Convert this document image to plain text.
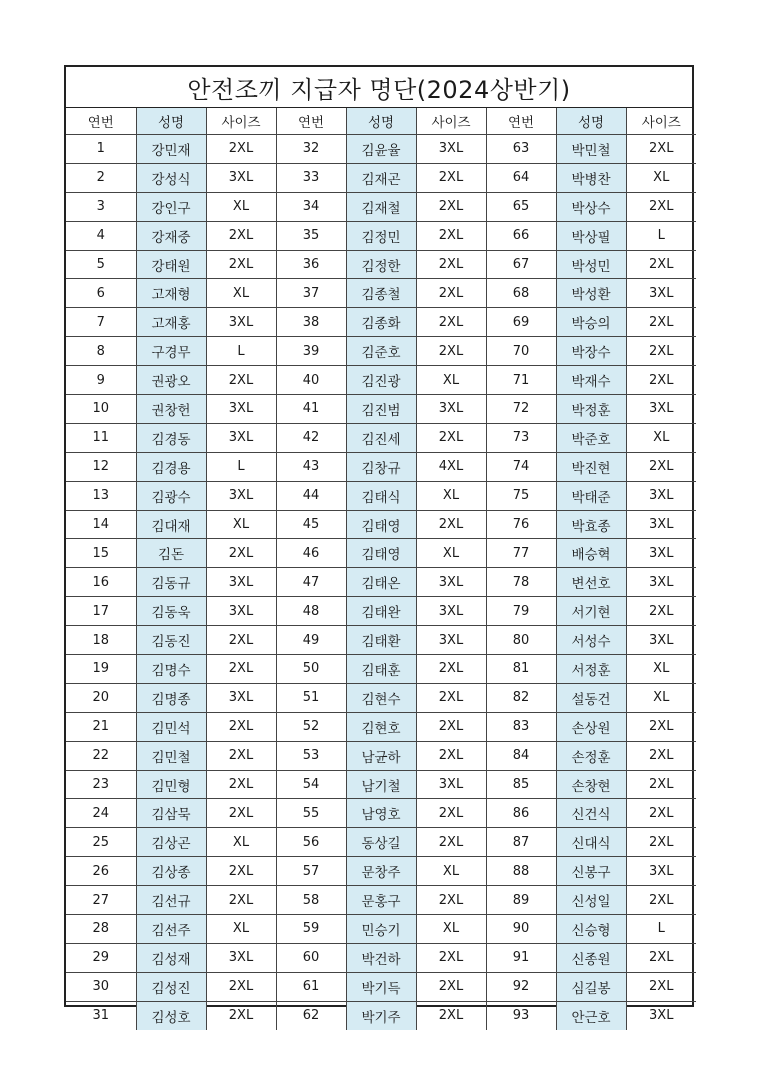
안전조끼 지급자 명단(2024상반기)
연번	성명	사이즈	연번	성명	사이즈	연번	성명	사이즈
1	강민재	2XL	32	김윤율	3XL	63	박민철	2XL
2	강성식	3XL	33	김재곤	2XL	64	박병찬	XL
3	강인구	XL	34	김재철	2XL	65	박상수	2XL
4	강재중	2XL	35	김정민	2XL	66	박상필	L
5	강태원	2XL	36	김정한	2XL	67	박성민	2XL
6	고재형	XL	37	김종철	2XL	68	박성환	3XL
7	고재홍	3XL	38	김종화	2XL	69	박승의	2XL
8	구경무	L	39	김준호	2XL	70	박장수	2XL
9	권광오	2XL	40	김진광	XL	71	박재수	2XL
10	권창헌	3XL	41	김진범	3XL	72	박정훈	3XL
11	김경동	3XL	42	김진세	2XL	73	박준호	XL
12	김경용	L	43	김창규	4XL	74	박진현	2XL
13	김광수	3XL	44	김태식	XL	75	박태준	3XL
14	김대재	XL	45	김태영	2XL	76	박효종	3XL
15	김돈	2XL	46	김태영	XL	77	배승혁	3XL
16	김동규	3XL	47	김태온	3XL	78	변선호	3XL
17	김동욱	3XL	48	김태완	3XL	79	서기현	2XL
18	김동진	2XL	49	김태환	3XL	80	서성수	3XL
19	김명수	2XL	50	김태훈	2XL	81	서정훈	XL
20	김명종	3XL	51	김현수	2XL	82	설동건	XL
21	김민석	2XL	52	김현호	2XL	83	손상원	2XL
22	김민철	2XL	53	남균하	2XL	84	손정훈	2XL
23	김민형	2XL	54	남기철	3XL	85	손창현	2XL
24	김삼묵	2XL	55	남영호	2XL	86	신건식	2XL
25	김상곤	XL	56	동상길	2XL	87	신대식	2XL
26	김상종	2XL	57	문창주	XL	88	신봉구	3XL
27	김선규	2XL	58	문홍구	2XL	89	신성일	2XL
28	김선주	XL	59	민승기	XL	90	신승형	L
29	김성재	3XL	60	박건하	2XL	91	신종원	2XL
30	김성진	2XL	61	박기득	2XL	92	심길봉	2XL
31	김성호	2XL	62	박기주	2XL	93	안근호	3XL
